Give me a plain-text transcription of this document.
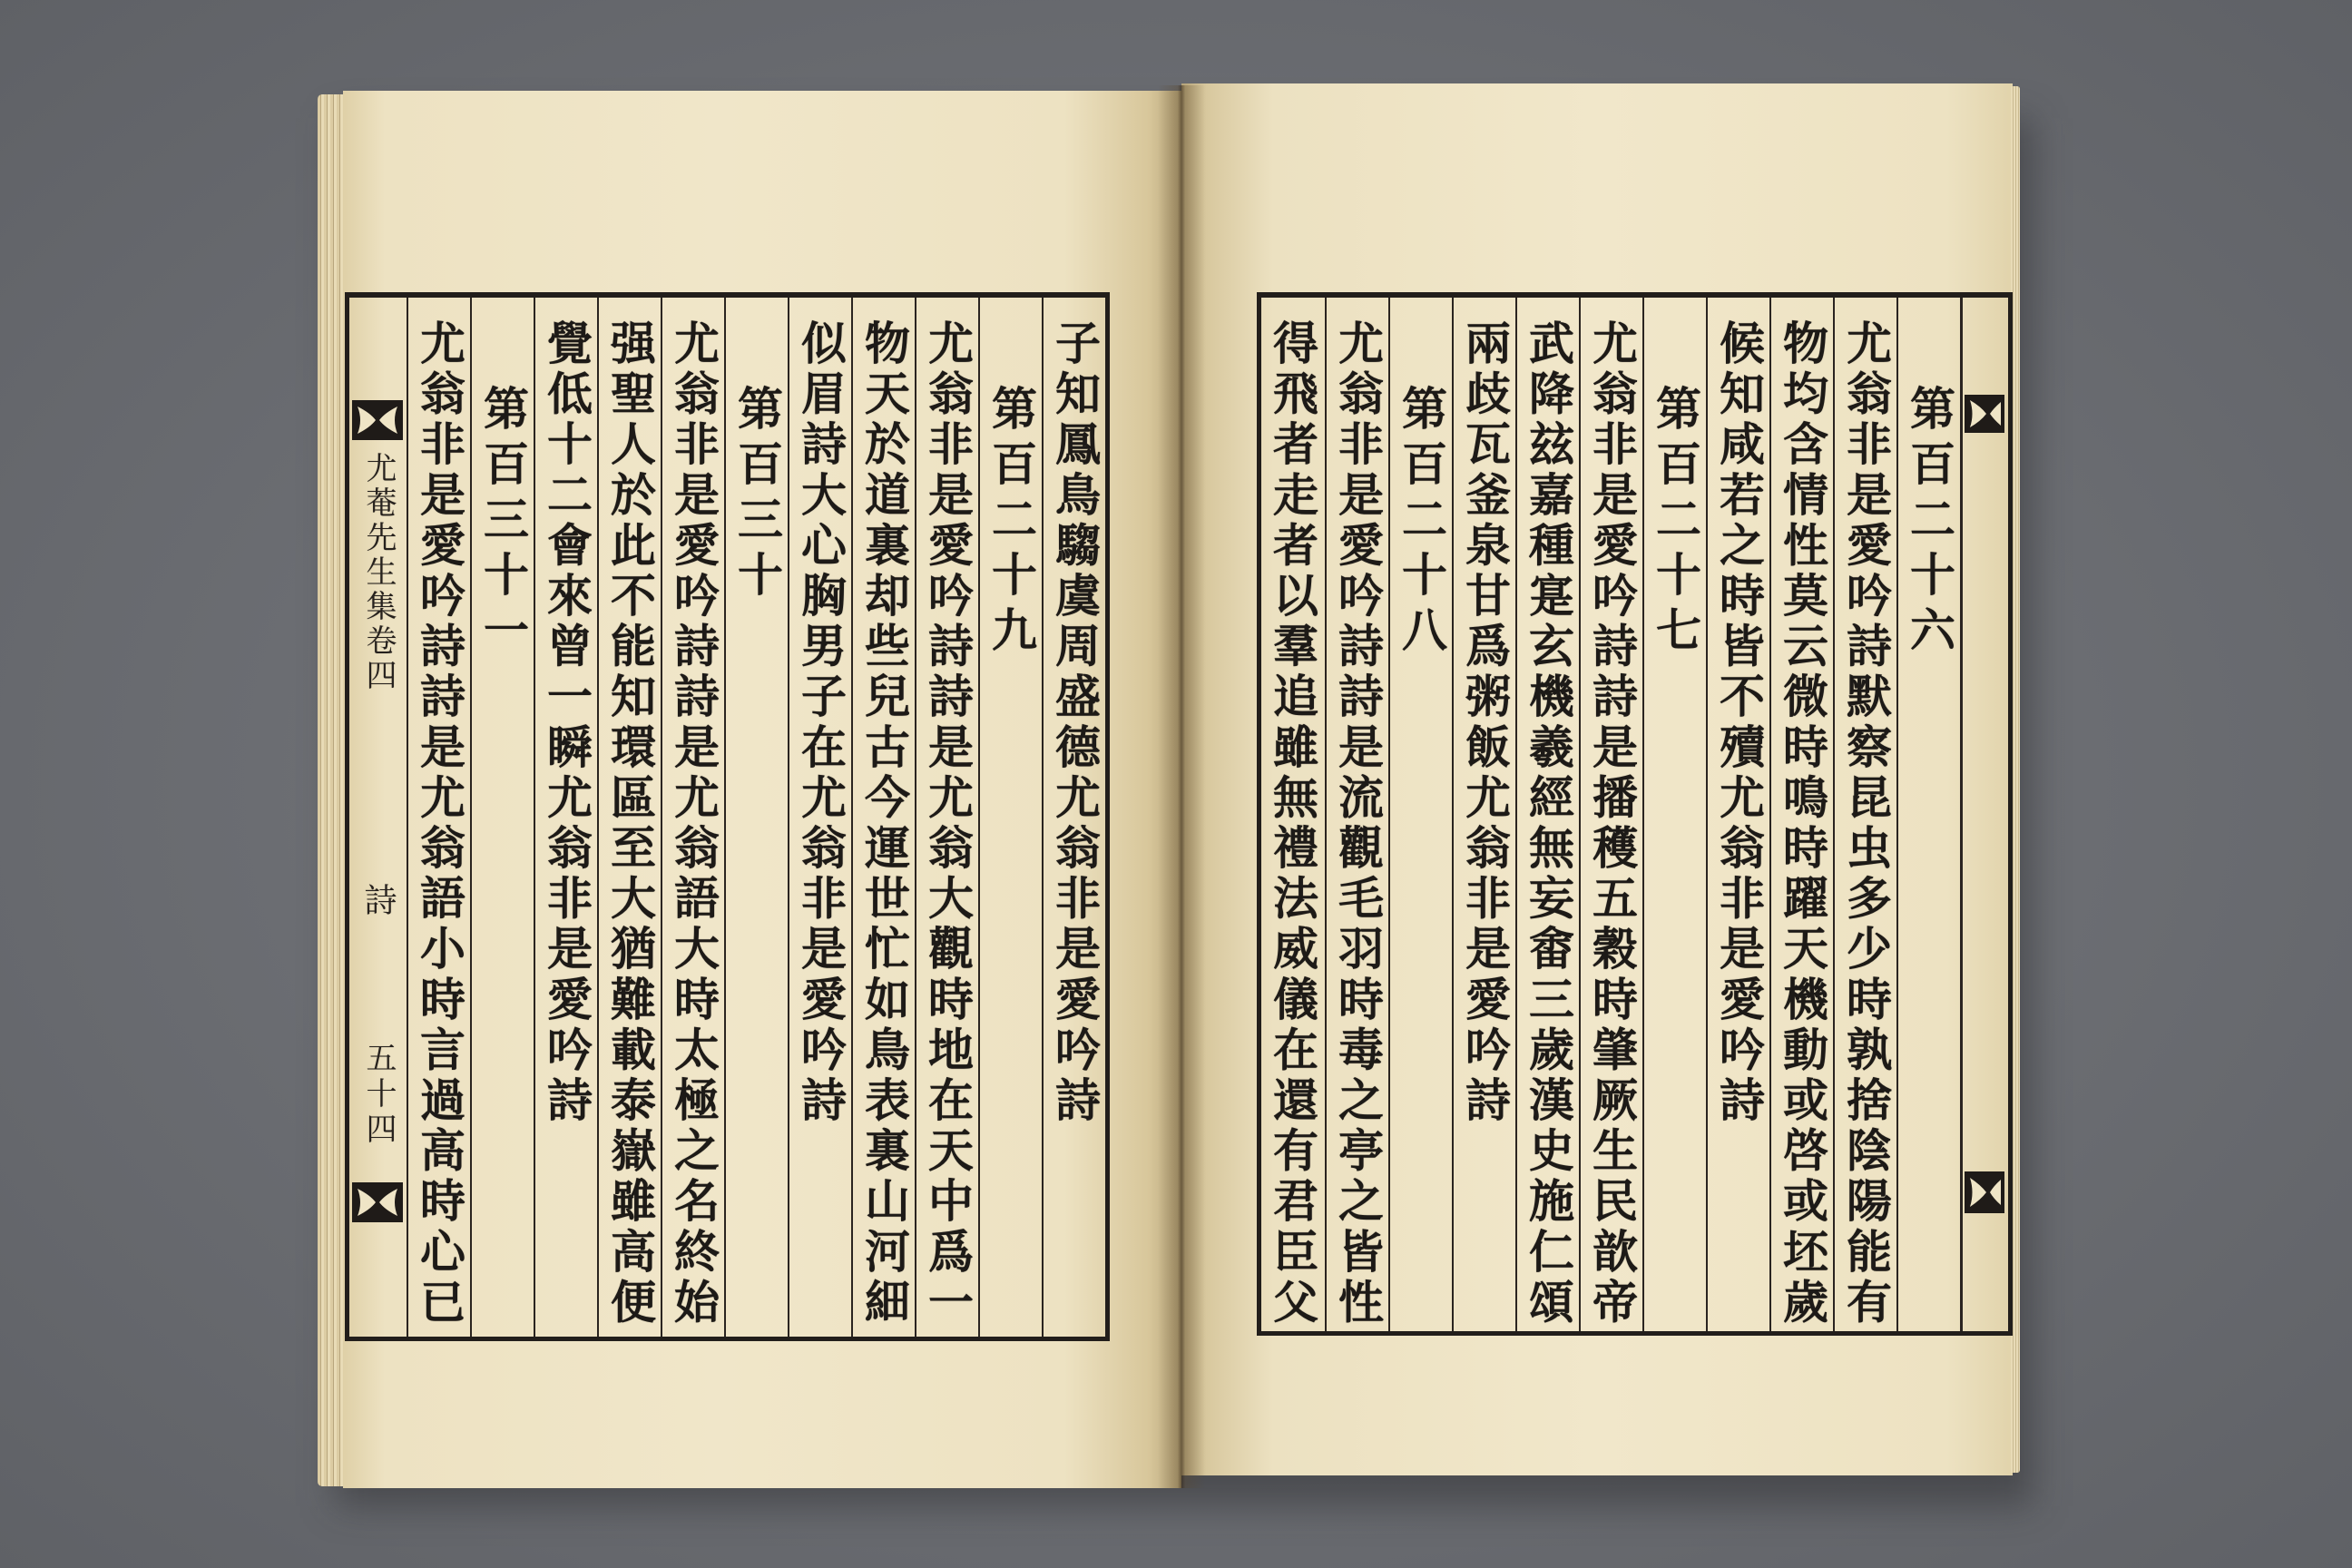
子知鳳鳥騶虞周盛德尤翁非是愛吟詩
第百二十九
尤翁非是愛吟詩詩是尤翁大觀時地在天中爲一
物天於道裏却些兒古今運世忙如鳥表裏山河細
似眉詩大心胸男子在尤翁非是愛吟詩
第百三十
尤翁非是愛吟詩詩是尤翁語大時太極之名終始
强聖人於此不能知環區至大猶難載泰嶽雖高便
覺低十二會來曾一瞬尤翁非是愛吟詩
第百三十一
尤翁非是愛吟詩詩是尤翁語小時言過高時心已
尤菴先生集卷四
詩
五十四
第百二十六
尤翁非是愛吟詩默察昆虫多少時孰捨陰陽能有
物均含情性莫云微時鳴時躍天機動或啓或坯歲
候知咸若之時皆不殰尤翁非是愛吟詩
第百二十七
尤翁非是愛吟詩詩是播穫五穀時肇厥生民歆帝
武降玆嘉種寔玄機羲經無妄畬三歲漢史施仁頌
兩歧瓦釜泉甘爲粥飯尤翁非是愛吟詩
第百二十八
尤翁非是愛吟詩詩是流觀毛羽時毒之亭之皆性
得飛者走者以羣追雖無禮法威儀在還有君臣父
